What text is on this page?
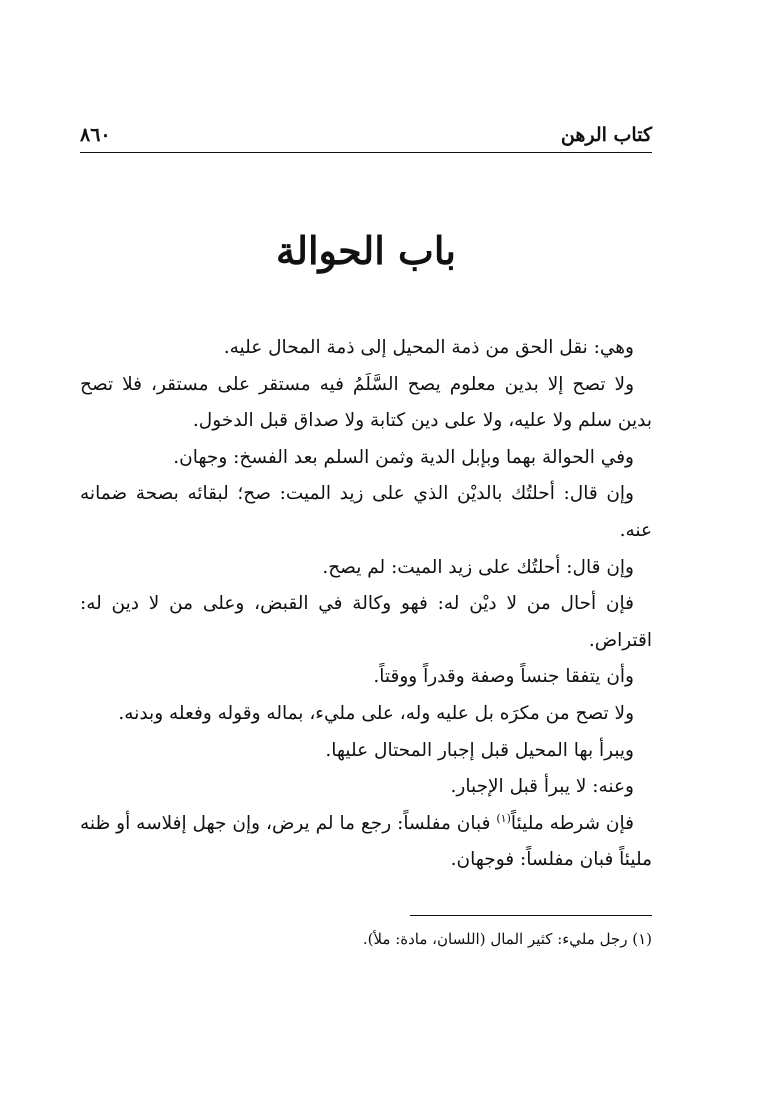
كتاب الرهن
٨٦٠
باب الحوالة

وهي: نقل الحق من ذمة المحيل إلى ذمة المحال عليه.

ولا تصح إلا بدين معلوم يصح السَّلَمُ فيه مستقر على مستقر، فلا تصح بدين سلم ولا عليه، ولا على دين كتابة ولا صداق قبل الدخول.

وفي الحوالة بهما وبإبل الدية وثمن السلم بعد الفسخ: وجهان.

وإن قال: أحلتُك بالديْن الذي على زيد الميت: صح؛ لبقائه بصحة ضمانه عنه.

وإن قال: أحلتُك على زيد الميت: لم يصح.

فإن أحال من لا ديْن له: فهو وكالة في القبض، وعلى من لا دين له: اقتراض.

وأن يتفقا جنساً وصفة وقدراً ووقتاً.

ولا تصح من مكرَه بل عليه وله، على مليء، بماله وقوله وفعله وبدنه.

ويبرأ بها المحيل قبل إجبار المحتال عليها.

وعنه: لا يبرأ قبل الإجبار.

فإن شرطه مليئاً$^{(١)}$ فبان مفلساً: رجع ما لم يرض، وإن جهل إفلاسه أو ظنه مليئاً فبان مفلساً: فوجهان.

(١) رجل مليء: كثير المال (اللسان، مادة: ملأ).
